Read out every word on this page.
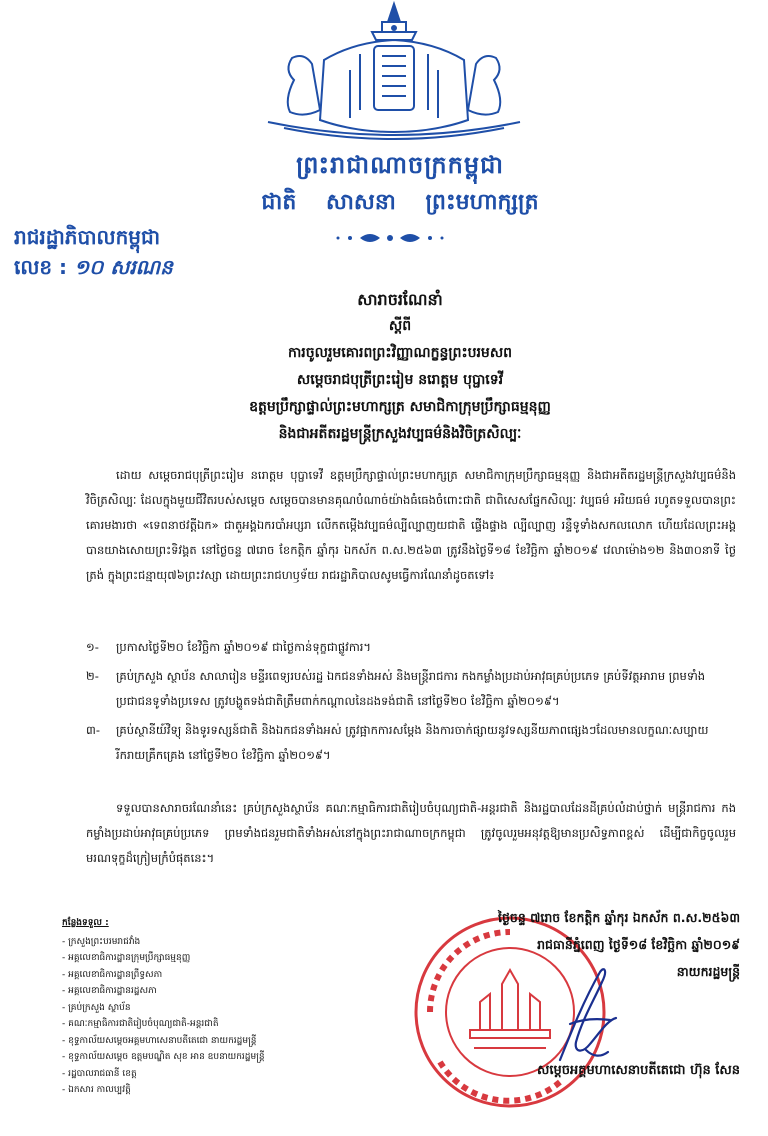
ព្រះរាជាណាចក្រកម្ពុជា
ជាតិ សាសនា ព្រះមហាក្សត្រ
រាជរដ្ឋាភិបាលកម្ពុជា
លេខ : ១០ សរណន
សារាចរណែនាំ
ស្តីពី
ការចូលរួមគោរពព្រះវិញ្ញាណក្ខន្ធព្រះបរមសព
សម្តេចរាជបុត្រីព្រះរៀម នរោត្តម បុប្ផាទេវី
ឧត្តមប្រឹក្សាផ្ទាល់ព្រះមហាក្សត្រ សមាជិកាក្រុមប្រឹក្សាធម្មនុញ្ញ
និងជាអតីតរដ្ឋមន្ត្រីក្រសួងវប្បធម៌និងវិចិត្រសិល្បៈ

ដោយ សម្តេចរាជបុត្រីព្រះរៀម នរោត្តម បុប្ផាទេវី ឧត្តមប្រឹក្សាផ្ទាល់ព្រះមហាក្សត្រ សមាជិកាក្រុមប្រឹក្សាធម្មនុញ្ញ និងជាអតីតរដ្ឋមន្ត្រីក្រសួងវប្បធម៌និងវិចិត្រសិល្បៈ ដែលក្នុងមួយជីវិតរបស់សម្តេច សម្តេចបានមានគុណបំណាច់យ៉ាងធំធេងចំពោះជាតិ ជាពិសេសផ្នែកសិល្បៈ វប្បធម៌ អរិយធម៌ រហូតទទួលបានព្រះគោរមងារថា «ទេពនាថវត្តីឯក» ជាតួអង្គឯករបាំអប្សរា លើកតម្កើងវប្បធម៌ល្បីល្បាញយជាតិ ផ្ទើងផ្ទាង ល្បីល្បាញ រន្ទឺទូទាំងសកលលោក ហើយដែលព្រះអង្គបានយាងសោយព្រះទិវង្គត នៅថ្ងៃចន្ទ ៧រោច ខែកត្តិក ឆ្នាំកុរ ឯកស័ក ព.ស.២៥៦៣ ត្រូវនឹងថ្ងៃទី១៨ ខែវិច្ឆិកា ឆ្នាំ២០១៩ វេលាម៉ោង១២ និង៣០នាទី ថ្ងៃត្រង់ ក្នុងព្រះជន្មាយុ៧៦ព្រះវស្សា ដោយព្រះរាជហឫទ័យ រាជរដ្ឋាភិបាលសូមធ្វើការណែនាំដូចតទៅ៖

១-	ប្រកាសថ្ងៃទី២០ ខែវិច្ឆិកា ឆ្នាំ២០១៩ ជាថ្ងៃកាន់ទុក្ខជាផ្លូវការ។
២-	គ្រប់ក្រសួង ស្ថាប័ន សាលារៀន មន្ទីរពេទ្យរបស់រដ្ឋ ឯកជនទាំងអស់ និងមន្ត្រីរាជការ កងកម្លាំងប្រដាប់អាវុធគ្រប់ប្រភេទ គ្រប់ទីវត្តអារាម ព្រមទាំងប្រជាជនទូទាំងប្រទេស ត្រូវបង្ហូតទង់ជាតិត្រឹមពាក់កណ្តាលនៃដងទង់ជាតិ នៅថ្ងៃទី២០ ខែវិច្ឆិកា ឆ្នាំ២០១៩។
៣-	គ្រប់ស្ថានីយ៍វិទ្យុ និងទូរទស្សន៍ជាតិ និងឯកជនទាំងអស់ ត្រូវផ្អាកការសម្តែង និងការចាក់ផ្សាយនូវទស្សនីយភាពផ្សេងៗដែលមានលក្ខណៈសប្បាយរីករាយគ្រឹកគ្រេង នៅថ្ងៃទី២០ ខែវិច្ឆិកា ឆ្នាំ២០១៩។
ទទួលបានសារាចរណែនាំនេះ គ្រប់ក្រសួងស្ថាប័ន គណៈកម្មាធិការជាតិរៀបចំបុណ្យជាតិ-អន្តរជាតិ និងរដ្ឋបាលដែនដីគ្រប់លំដាប់ថ្នាក់ មន្ត្រីរាជការ កងកម្លាំងប្រដាប់អាវុធគ្រប់ប្រភេទ ព្រមទាំងជនរួមជាតិទាំងអស់នៅក្នុងព្រះរាជាណាចក្រកម្ពុជា ត្រូវចូលរួមអនុវត្តឱ្យមានប្រសិទ្ធភាពខ្ពស់ ដើម្បីជាកិច្ចចូលរួមមរណទុក្ខដ៏ក្រៀមក្រំបំផុតនេះ។
កន្លែងទទួល :
- ក្រសួងព្រះបរមរាជវាំង
- អគ្គលេខាធិការដ្ឋានក្រុមប្រឹក្សាធម្មនុញ្ញ
- អគ្គលេខាធិការដ្ឋានព្រឹទ្ធសភា
- អគ្គលេខាធិការដ្ឋានរដ្ឋសភា
- គ្រប់ក្រសួង ស្ថាប័ន
- គណៈកម្មាធិការជាតិរៀបចំបុណ្យជាតិ-អន្តរជាតិ
- ខុទ្ទកាល័យសម្តេចអគ្គមហាសេនាបតីតេជោ នាយករដ្ឋមន្ត្រី
- ខុទ្ទកាល័យសម្តេច ឧត្តមបណ្ឌិត សុខ អាន ឧបនាយករដ្ឋមន្ត្រី
- រដ្ឋបាលរាជធានី ខេត្ត
- ឯកសារ កាលប្បវត្តិ
ថ្ងៃចន្ទ ៧រោច ខែកត្តិក ឆ្នាំកុរ ឯកស័ក ព.ស.២៥៦៣
រាជធានីភ្នំពេញ ថ្ងៃទី១៨ ខែវិច្ឆិកា ឆ្នាំ២០១៩
នាយករដ្ឋមន្ត្រី
សម្តេចអគ្គមហាសេនាបតីតេជោ ហ៊ុន សែន
